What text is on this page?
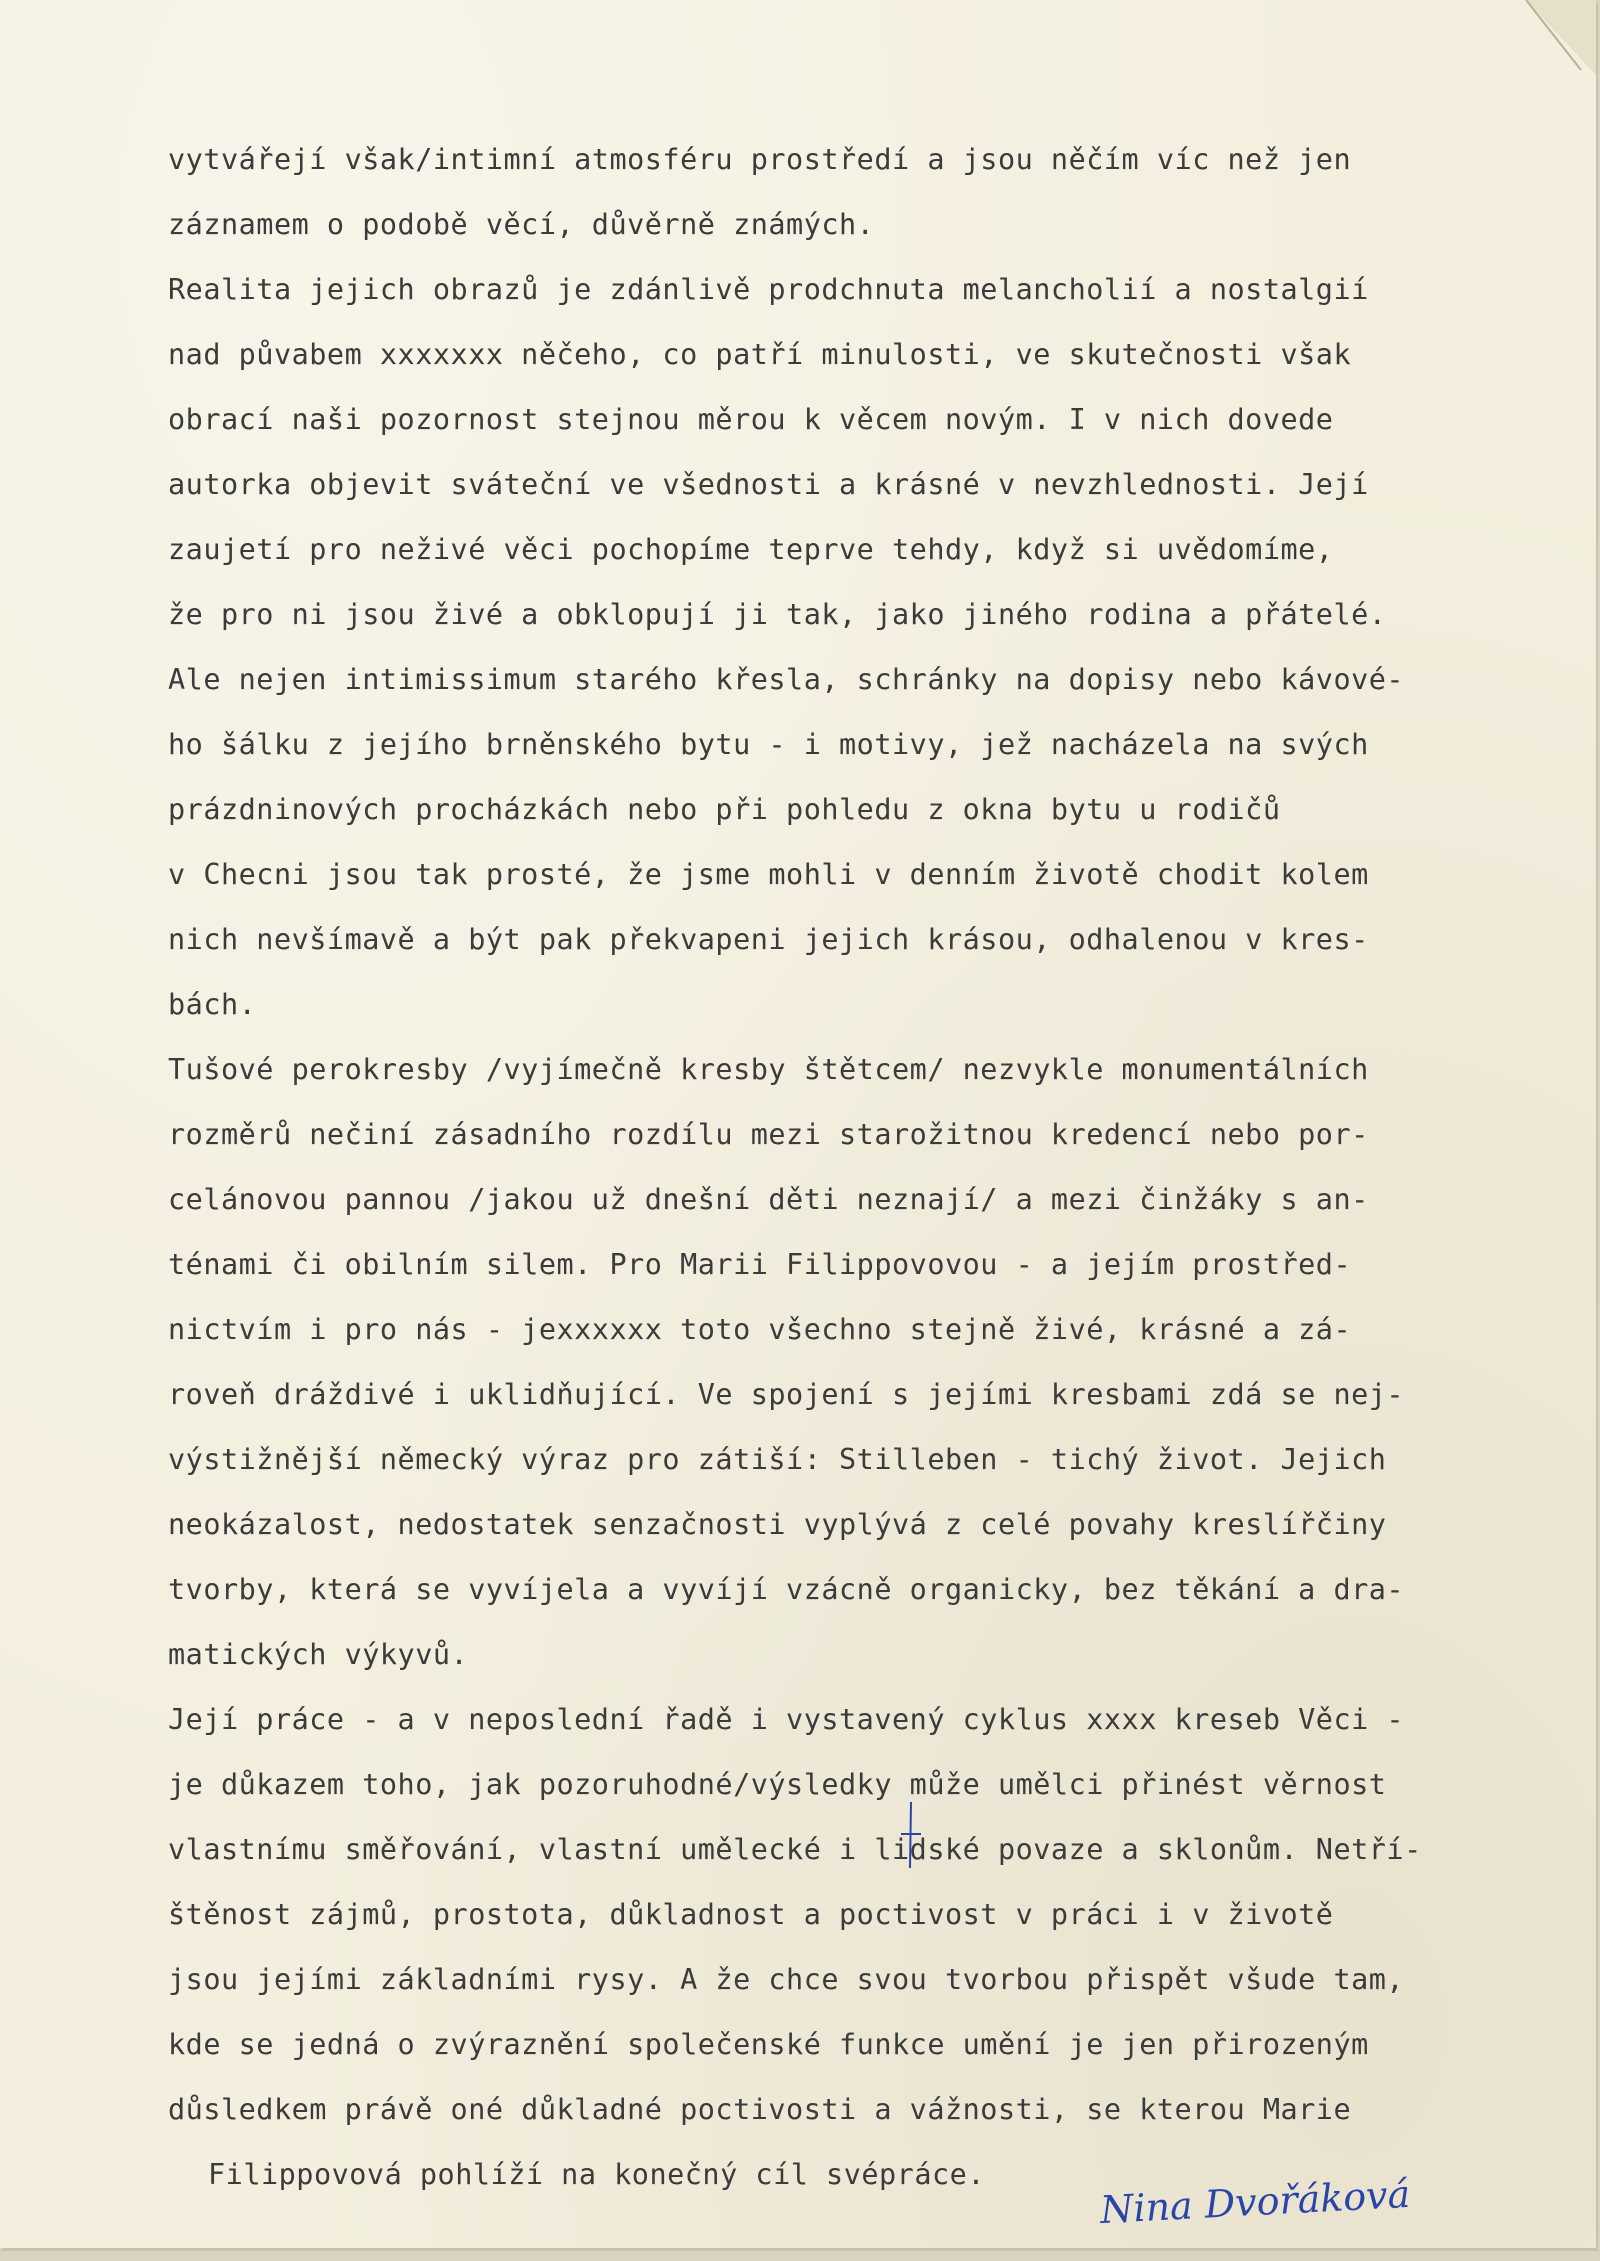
vytvářejí však/intimní atmosféru prostředí a jsou něčím víc než jen
záznamem o podobě věcí, důvěrně známých.
Realita jejich obrazů je zdánlivě prodchnuta melancholií a nostalgií
nad půvabem xxxxxxx něčeho, co patří minulosti, ve skutečnosti však
obrací naši pozornost stejnou měrou k věcem novým. I v nich dovede
autorka objevit sváteční ve všednosti a krásné v nevzhlednosti. Její
zaujetí pro neživé věci pochopíme teprve tehdy, když si uvědomíme,
že pro ni jsou živé a obklopují ji tak, jako jiného rodina a přátelé.
Ale nejen intimissimum starého křesla, schránky na dopisy nebo kávové-
ho šálku z jejího brněnského bytu - i motivy, jež nacházela na svých
prázdninových procházkách nebo při pohledu z okna bytu u rodičů
v Checni jsou tak prosté, že jsme mohli v denním životě chodit kolem
nich nevšímavě a být pak překvapeni jejich krásou, odhalenou v kres-
bách.
Tušové perokresby /vyjímečně kresby štětcem/ nezvykle monumentálních
rozměrů nečiní zásadního rozdílu mezi starožitnou kredencí nebo por-
celánovou pannou /jakou už dnešní děti neznají/ a mezi činžáky s an-
ténami či obilním silem. Pro Marii Filippovovou - a jejím prostřed-
nictvím i pro nás - jexxxxxx toto všechno stejně živé, krásné a zá-
roveň dráždivé i uklidňující. Ve spojení s jejími kresbami zdá se nej-
výstižnější německý výraz pro zátiší: Stilleben - tichý život. Jejich
neokázalost, nedostatek senzačnosti vyplývá z celé povahy kreslířčiny
tvorby, která se vyvíjela a vyvíjí vzácně organicky, bez těkání a dra-
matických výkyvů.
Její práce - a v neposlední řadě i vystavený cyklus xxxx kreseb Věci -
je důkazem toho, jak pozoruhodné/výsledky může umělci přinést věrnost
vlastnímu směřování, vlastní umělecké i lidské povaze a sklonům. Netří-
štěnost zájmů, prostota, důkladnost a poctivost v práci i v životě
jsou jejími základními rysy. A že chce svou tvorbou přispět všude tam,
kde se jedná o zvýraznění společenské funkce umění je jen přirozeným
důsledkem právě oné důkladné poctivosti a vážnosti, se kterou Marie
Filippovová pohlíží na konečný cíl svépráce.	Nina Dvořáková
